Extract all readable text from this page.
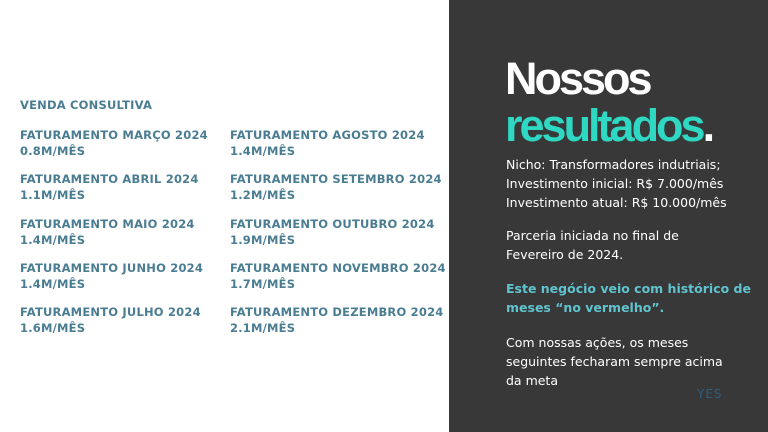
VENDA CONSULTIVA
FATURAMENTO MARÇO 2024
0.8M/MÊS
FATURAMENTO ABRIL 2024
1.1M/MÊS
FATURAMENTO MAIO 2024
1.4M/MÊS
FATURAMENTO JUNHO 2024
1.4M/MÊS
FATURAMENTO JULHO 2024
1.6M/MÊS
FATURAMENTO AGOSTO 2024
1.4M/MÊS
FATURAMENTO SETEMBRO 2024
1.2M/MÊS
FATURAMENTO OUTUBRO 2024
1.9M/MÊS
FATURAMENTO NOVEMBRO 2024
1.7M/MÊS
FATURAMENTO DEZEMBRO 2024
2.1M/MÊS
Nossos
resultados.
Nicho: Transformadores indutriais;
Investimento inicial: R$ 7.000/mês
Investimento atual: R$ 10.000/mês
Parceria iniciada no final de
Fevereiro de 2024.
Este negócio veio com histórico de
meses “no vermelho”.
Com nossas ações, os meses
seguintes fecharam sempre acima
da meta
YES
